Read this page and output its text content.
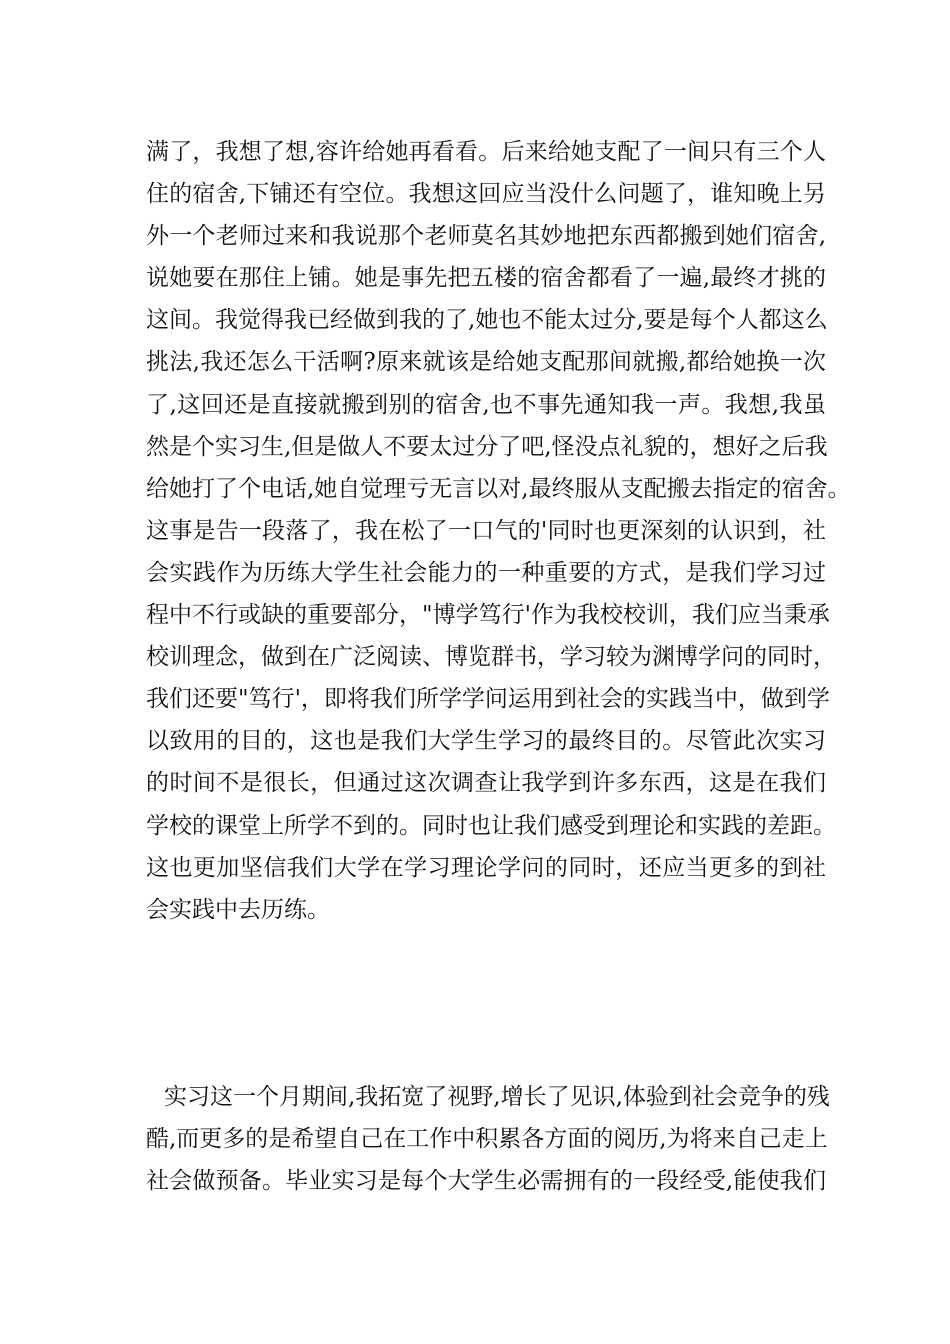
满了，我想了想,容许给她再看看。后来给她支配了一间只有三个人
住的宿舍,下铺还有空位。我想这回应当没什么问题了，谁知晚上另
外一个老师过来和我说那个老师莫名其妙地把东西都搬到她们宿舍,
说她要在那住上铺。她是事先把五楼的宿舍都看了一遍,最终才挑的
这间。我觉得我已经做到我的了,她也不能太过分,要是每个人都这么
挑法,我还怎么干活啊?原来就该是给她支配那间就搬,都给她换一次
了,这回还是直接就搬到别的宿舍,也不事先通知我一声。我想,我虽
然是个实习生,但是做人不要太过分了吧,怪没点礼貌的，想好之后我
给她打了个电话,她自觉理亏无言以对,最终服从支配搬去指定的宿舍。
这事是告一段落了，我在松了一口气的'同时也更深刻的认识到，社
会实践作为历练大学生社会能力的一种重要的方式，是我们学习过
程中不行或缺的重要部分，"博学笃行'作为我校校训，我们应当秉承
校训理念，做到在广泛阅读、博览群书，学习较为渊博学问的同时，
我们还要"笃行'，即将我们所学学问运用到社会的实践当中，做到学
以致用的目的，这也是我们大学生学习的最终目的。尽管此次实习
的时间不是很长，但通过这次调查让我学到许多东西，这是在我们
学校的课堂上所学不到的。同时也让我们感受到理论和实践的差距。
这也更加坚信我们大学在学习理论学问的同时，还应当更多的到社
会实践中去历练。
实习这一个月期间,我拓宽了视野,增长了见识,体验到社会竞争的残
酷,而更多的是希望自己在工作中积累各方面的阅历,为将来自己走上
社会做预备。毕业实习是每个大学生必需拥有的一段经受,能使我们
